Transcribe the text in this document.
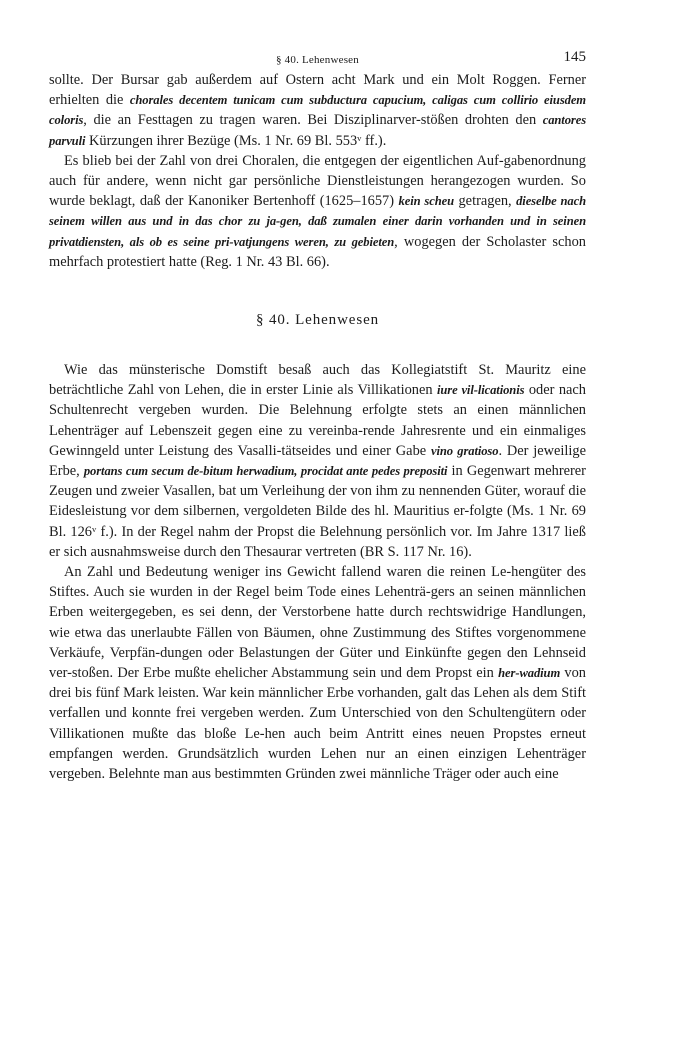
§ 40. Lehenwesen	145

sollte. Der Bursar gab außerdem auf Ostern acht Mark und ein Molt Roggen. Ferner erhielten die chorales decentem tunicam cum subductura capucium, caligas cum collirio eiusdem coloris, die an Festtagen zu tragen waren. Bei Disziplinarver-stößen drohten den cantores parvuli Kürzungen ihrer Bezüge (Ms. 1 Nr. 69 Bl. 553ᵛ ff.).

Es blieb bei der Zahl von drei Choralen, die entgegen der eigentlichen Auf-gabenordnung auch für andere, wenn nicht gar persönliche Dienstleistungen herangezogen wurden. So wurde beklagt, daß der Kanoniker Bertenhoff (1625–1657) kein scheu getragen, dieselbe nach seinem willen aus und in das chor zu ja-gen, daß zumalen einer darin vorhanden und in seinen privatdiensten, als ob es seine pri-vatjungens weren, zu gebieten, wogegen der Scholaster schon mehrfach protestiert hatte (Reg. 1 Nr. 43 Bl. 66).

§ 40. Lehenwesen

Wie das münsterische Domstift besaß auch das Kollegiatstift St. Mauritz eine beträchtliche Zahl von Lehen, die in erster Linie als Villikationen iure vil-licationis oder nach Schultenrecht vergeben wurden. Die Belehnung erfolgte stets an einen männlichen Lehenträger auf Lebenszeit gegen eine zu vereinba-rende Jahresrente und ein einmaliges Gewinngeld unter Leistung des Vasalli-tätseides und einer Gabe vino gratioso. Der jeweilige Erbe, portans cum secum de-bitum herwadium, procidat ante pedes prepositi in Gegenwart mehrerer Zeugen und zweier Vasallen, bat um Verleihung der von ihm zu nennenden Güter, worauf die Eidesleistung vor dem silbernen, vergoldeten Bilde des hl. Mauritius er-folgte (Ms. 1 Nr. 69 Bl. 126ᵛ f.). In der Regel nahm der Propst die Belehnung persönlich vor. Im Jahre 1317 ließ er sich ausnahmsweise durch den Thesaurar vertreten (BR S. 117 Nr. 16).

An Zahl und Bedeutung weniger ins Gewicht fallend waren die reinen Le-hengüter des Stiftes. Auch sie wurden in der Regel beim Tode eines Lehenträ-gers an seinen männlichen Erben weitergegeben, es sei denn, der Verstorbene hatte durch rechtswidrige Handlungen, wie etwa das unerlaubte Fällen von Bäumen, ohne Zustimmung des Stiftes vorgenommene Verkäufe, Verpfän-dungen oder Belastungen der Güter und Einkünfte gegen den Lehnseid ver-stoßen. Der Erbe mußte ehelicher Abstammung sein und dem Propst ein her-wadium von drei bis fünf Mark leisten. War kein männlicher Erbe vorhanden, galt das Lehen als dem Stift verfallen und konnte frei vergeben werden. Zum Unterschied von den Schultengütern oder Villikationen mußte das bloße Le-hen auch beim Antritt eines neuen Propstes erneut empfangen werden. Grundsätzlich wurden Lehen nur an einen einzigen Lehenträger vergeben. Belehnte man aus bestimmten Gründen zwei männliche Träger oder auch eine
